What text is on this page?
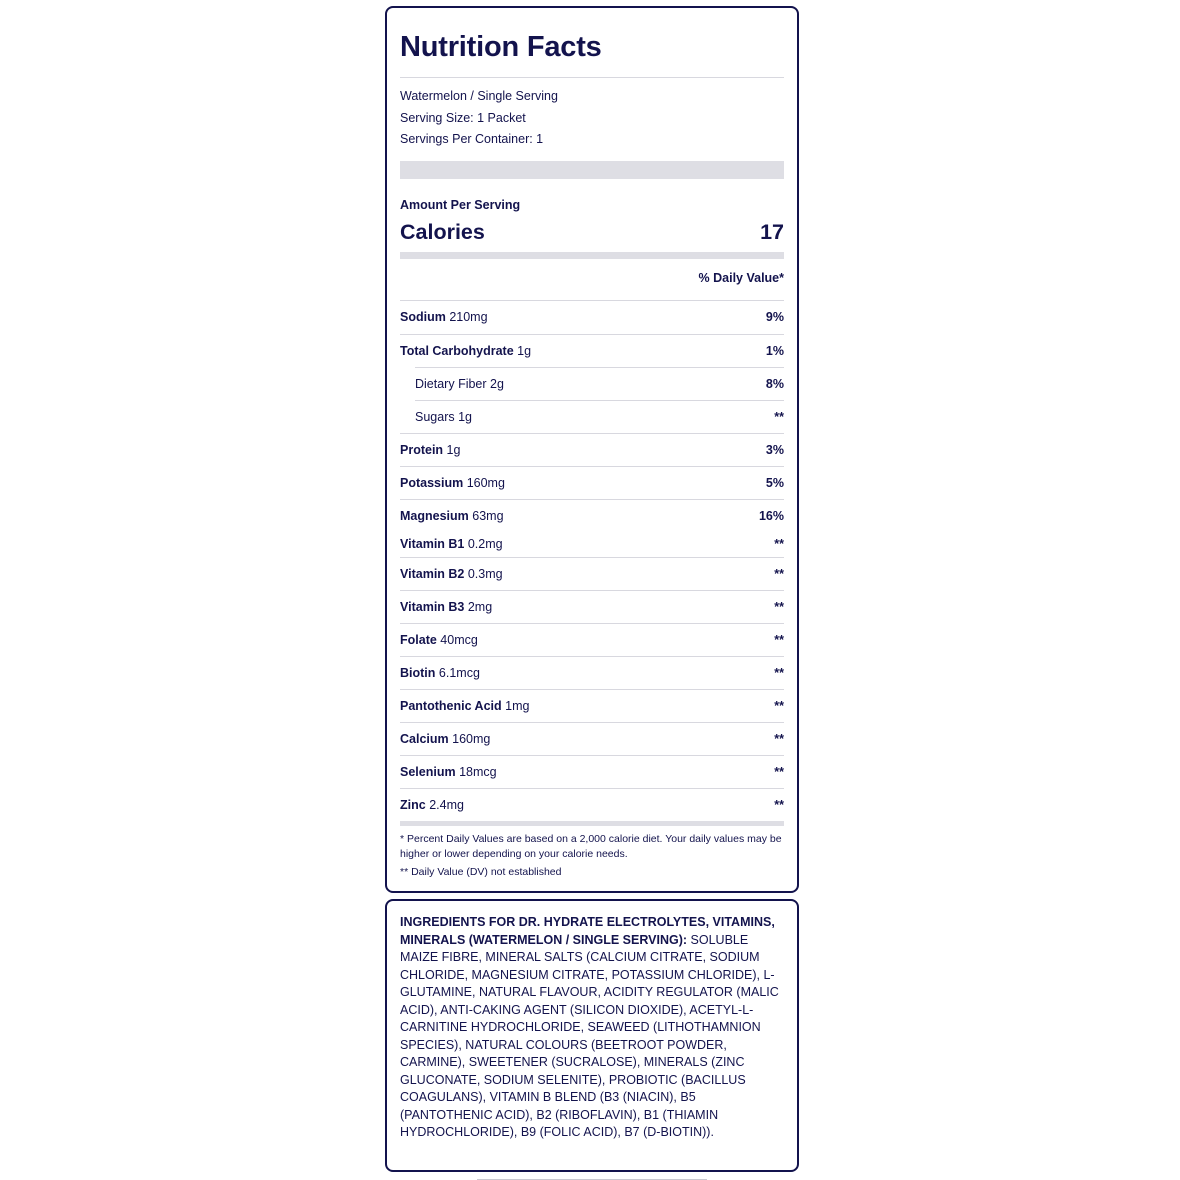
Nutrition Facts
Watermelon / Single Serving
Serving Size: 1 Packet
Servings Per Container: 1
Amount Per Serving
Calories	17
% Daily Value*
Sodium 210mg	9%
Total Carbohydrate 1g	1%
Dietary Fiber 2g	8%
Sugars 1g	**
Protein 1g	3%
Potassium 160mg	5%
Magnesium 63mg	16%
Vitamin B1 0.2mg	**
Vitamin B2 0.3mg	**
Vitamin B3 2mg	**
Folate 40mcg	**
Biotin 6.1mcg	**
Pantothenic Acid 1mg	**
Calcium 160mg	**
Selenium 18mcg	**
Zinc 2.4mg	**
* Percent Daily Values are based on a 2,000 calorie diet. Your daily values may be higher or lower depending on your calorie needs.
** Daily Value (DV) not established
INGREDIENTS FOR DR. HYDRATE ELECTROLYTES, VITAMINS, MINERALS (WATERMELON / SINGLE SERVING): SOLUBLE MAIZE FIBRE, MINERAL SALTS (CALCIUM CITRATE, SODIUM CHLORIDE, MAGNESIUM CITRATE, POTASSIUM CHLORIDE), L-GLUTAMINE, NATURAL FLAVOUR, ACIDITY REGULATOR (MALIC ACID), ANTI-CAKING AGENT (SILICON DIOXIDE), ACETYL-L-CARNITINE HYDROCHLORIDE, SEAWEED (LITHOTHAMNION SPECIES), NATURAL COLOURS (BEETROOT POWDER, CARMINE), SWEETENER (SUCRALOSE), MINERALS (ZINC GLUCONATE, SODIUM SELENITE), PROBIOTIC (BACILLUS COAGULANS), VITAMIN B BLEND (B3 (NIACIN), B5 (PANTOTHENIC ACID), B2 (RIBOFLAVIN), B1 (THIAMIN HYDROCHLORIDE), B9 (FOLIC ACID), B7 (D-BIOTIN)).
